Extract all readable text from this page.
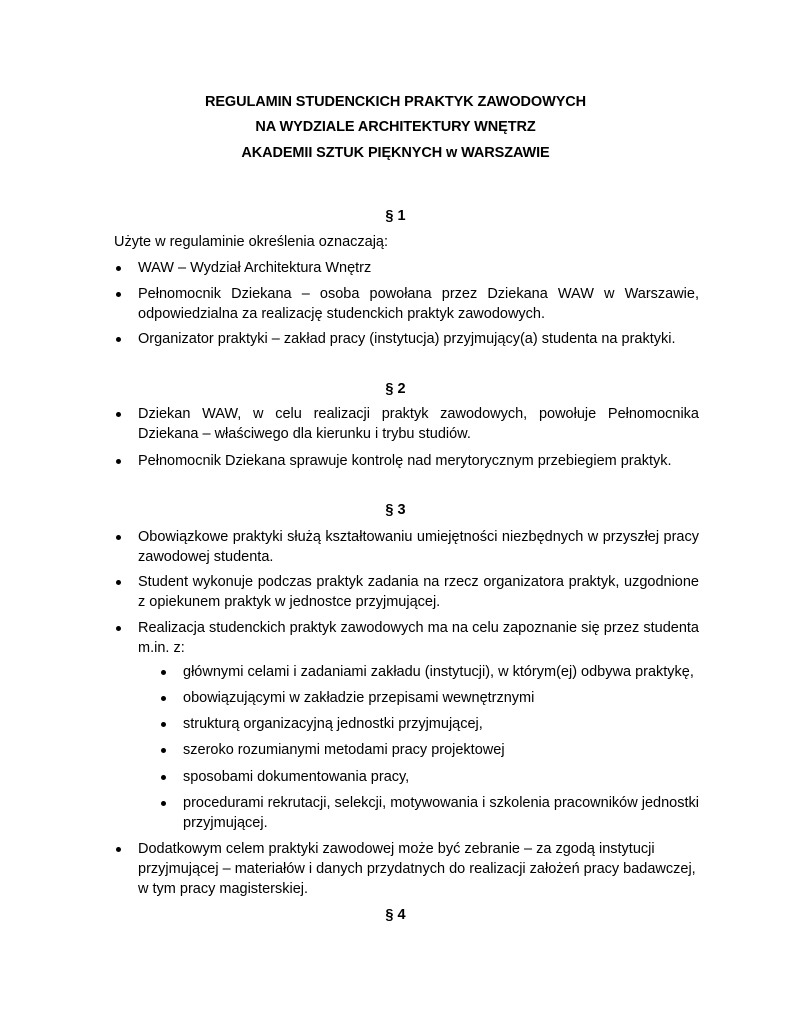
REGULAMIN STUDENCKICH PRAKTYK ZAWODOWYCH
NA WYDZIALE ARCHITEKTURY WNĘTRZ
AKADEMII SZTUK PIĘKNYCH w WARSZAWIE
§ 1
Użyte w regulaminie określenia oznaczają:
WAW – Wydział Architektura Wnętrz
Pełnomocnik Dziekana – osoba powołana przez Dziekana WAW w Warszawie, odpowiedzialna za realizację studenckich praktyk zawodowych.
Organizator praktyki – zakład pracy (instytucja) przyjmujący(a) studenta na praktyki.
§ 2
Dziekan WAW, w celu realizacji praktyk zawodowych, powołuje Pełnomocnika Dziekana – właściwego dla kierunku i trybu studiów.
Pełnomocnik Dziekana sprawuje kontrolę nad merytorycznym przebiegiem praktyk.
§ 3
Obowiązkowe praktyki służą kształtowaniu umiejętności niezbędnych w przyszłej pracy zawodowej studenta.
Student wykonuje podczas praktyk zadania na rzecz organizatora praktyk, uzgodnione z opiekunem praktyk w jednostce przyjmującej.
Realizacja studenckich praktyk zawodowych ma na celu zapoznanie się przez studenta m.in. z:
głównymi celami i zadaniami zakładu (instytucji), w którym(ej) odbywa praktykę,
obowiązującymi w zakładzie przepisami wewnętrznymi
strukturą organizacyjną jednostki przyjmującej,
szeroko rozumianymi metodami pracy projektowej
sposobami dokumentowania pracy,
procedurami rekrutacji, selekcji, motywowania i szkolenia pracowników jednostki przyjmującej.
Dodatkowym celem praktyki zawodowej może być zebranie – za zgodą instytucji przyjmującej – materiałów i danych przydatnych do realizacji założeń pracy badawczej, w tym pracy magisterskiej.
§ 4
